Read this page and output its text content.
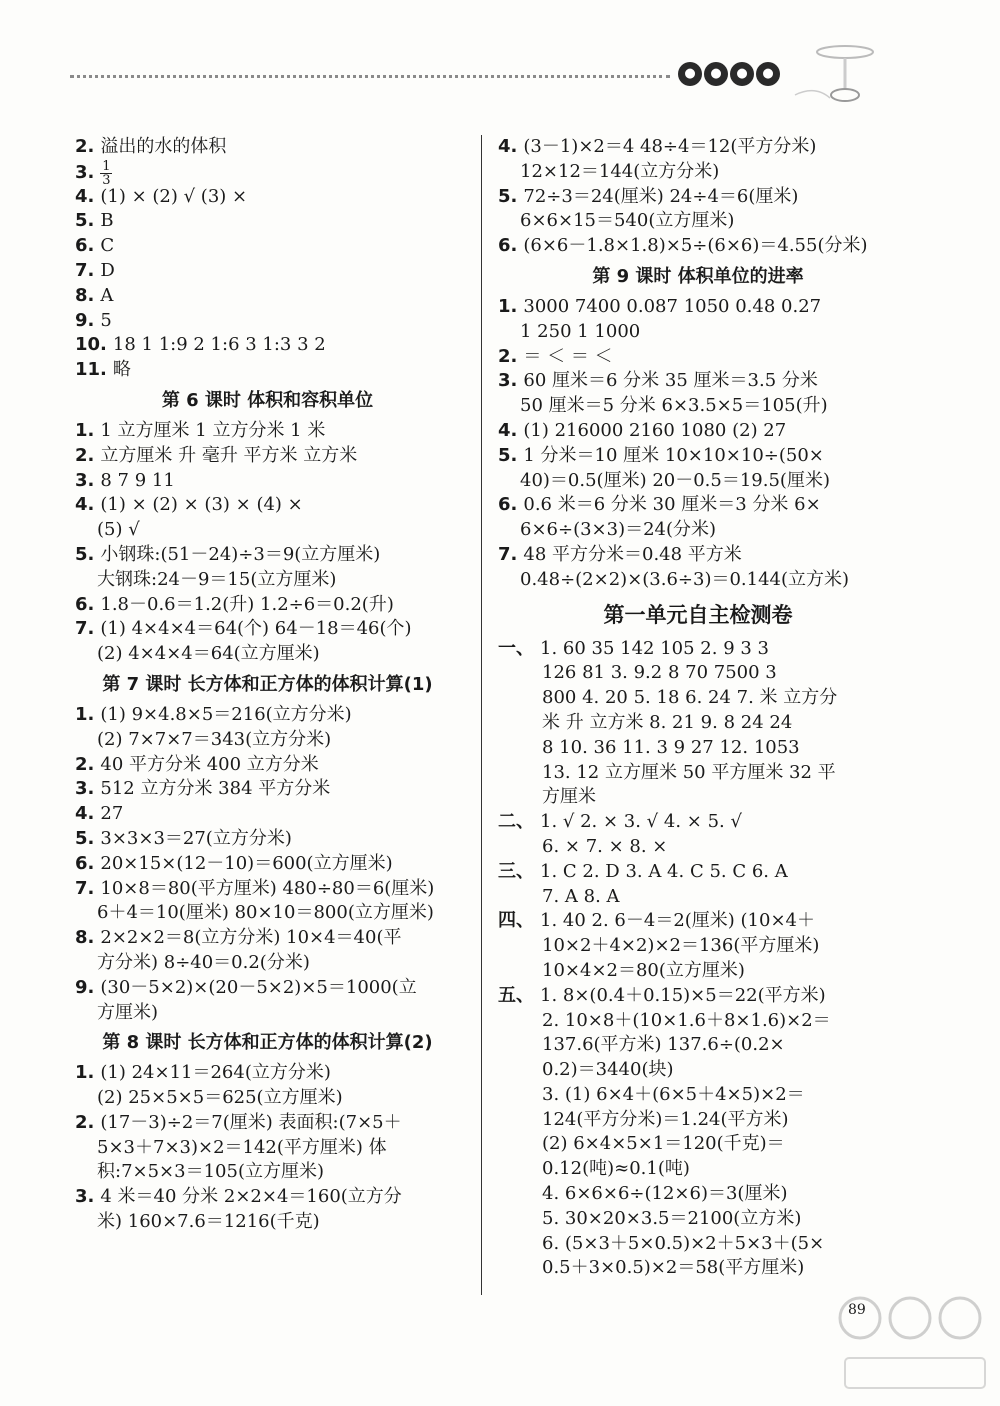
●	●	●	●
2. 溢出的水的体积
3. $\frac{1}{3}$
4. (1) × (2) √ (3) ×
5. B
6. C
7. D
8. A
9. 5
10. 18 1 1:9 2 1:6 3 1:3 3 2
11. 略
第 6 课时 体积和容积单位
1. 1 立方厘米 1 立方分米 1 米
2. 立方厘米 升 毫升 平方米 立方米
3. 8 7 9 11
4. (1) × (2) × (3) × (4) ×
(5) √
5. 小钢珠:(51－24)÷3＝9(立方厘米)
大钢珠:24－9＝15(立方厘米)
6. 1.8－0.6＝1.2(升) 1.2÷6＝0.2(升)
7. (1) 4×4×4＝64(个) 64－18＝46(个)
(2) 4×4×4＝64(立方厘米)
第 7 课时 长方体和正方体的体积计算(1)
1. (1) 9×4.8×5＝216(立方分米)
(2) 7×7×7＝343(立方分米)
2. 40 平方分米 400 立方分米
3. 512 立方分米 384 平方分米
4. 27
5. 3×3×3＝27(立方分米)
6. 20×15×(12－10)＝600(立方厘米)
7. 10×8＝80(平方厘米) 480÷80＝6(厘米)
6＋4＝10(厘米) 80×10＝800(立方厘米)
8. 2×2×2＝8(立方分米) 10×4＝40(平
方分米) 8÷40＝0.2(分米)
9. (30－5×2)×(20－5×2)×5＝1000(立
方厘米)
第 8 课时 长方体和正方体的体积计算(2)
1. (1) 24×11＝264(立方分米)
(2) 25×5×5＝625(立方厘米)
2. (17－3)÷2＝7(厘米) 表面积:(7×5＋
5×3＋7×3)×2＝142(平方厘米) 体
积:7×5×3＝105(立方厘米)
3. 4 米＝40 分米 2×2×4＝160(立方分
米) 160×7.6＝1216(千克)
4. (3－1)×2＝4 48÷4＝12(平方分米)
12×12＝144(立方分米)
5. 72÷3＝24(厘米) 24÷4＝6(厘米)
6×6×15＝540(立方厘米)
6. (6×6－1.8×1.8)×5÷(6×6)＝4.55(分米)
第 9 课时 体积单位的进率
1. 3000 7400 0.087 1050 0.48 0.27
1 250 1 1000
2. ＝ ＜ ＝ ＜
3. 60 厘米＝6 分米 35 厘米＝3.5 分米
50 厘米＝5 分米 6×3.5×5＝105(升)
4. (1) 216000 2160 1080 (2) 27
5. 1 分米＝10 厘米 10×10×10÷(50×
40)＝0.5(厘米) 20－0.5＝19.5(厘米)
6. 0.6 米＝6 分米 30 厘米＝3 分米 6×
6×6÷(3×3)＝24(分米)
7. 48 平方分米＝0.48 平方米
0.48÷(2×2)×(3.6÷3)＝0.144(立方米)
第一单元自主检测卷
一、 1. 60 35 142 105 2. 9 3 3
126 81 3. 9.2 8 70 7500 3
800 4. 20 5. 18 6. 24 7. 米 立方分
米 升 立方米 8. 21 9. 8 24 24
8 10. 36 11. 3 9 27 12. 1053
13. 12 立方厘米 50 平方厘米 32 平
方厘米
二、 1. √ 2. × 3. √ 4. × 5. √
6. × 7. × 8. ×
三、 1. C 2. D 3. A 4. C 5. C 6. A
7. A 8. A
四、 1. 40 2. 6－4＝2(厘米) (10×4＋
10×2＋4×2)×2＝136(平方厘米)
10×4×2＝80(立方厘米)
五、 1. 8×(0.4＋0.15)×5＝22(平方米)
2. 10×8＋(10×1.6＋8×1.6)×2＝
137.6(平方米) 137.6÷(0.2×
0.2)＝3440(块)
3. (1) 6×4＋(6×5＋4×5)×2＝
124(平方分米)＝1.24(平方米)
(2) 6×4×5×1＝120(千克)＝
0.12(吨)≈0.1(吨)
4. 6×6×6÷(12×6)＝3(厘米)
5. 30×20×3.5＝2100(立方米)
6. (5×3＋5×0.5)×2＋5×3＋(5×
0.5＋3×0.5)×2＝58(平方厘米)
89
